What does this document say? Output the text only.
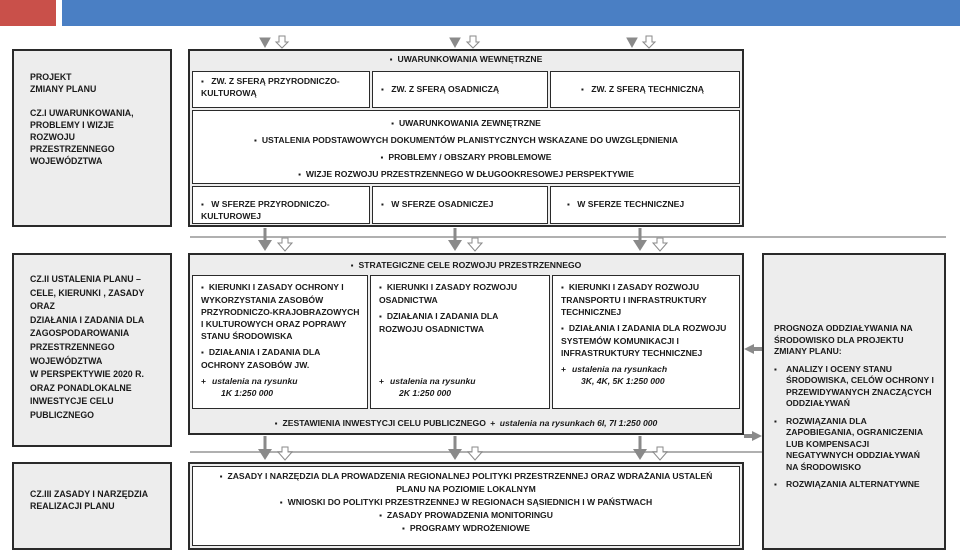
PROJEKT
ZMIANY PLANU
CZ.I UWARUNKOWANIA,
PROBLEMY I WIZJE ROZWOJU
PRZESTRZENNEGO
WOJEWÓDZTWA
CZ.II USTALENIA PLANU –
CELE, KIERUNKI , ZASADY ORAZ
DZIAŁANIA I ZADANIA DLA
ZAGOSPODAROWANIA
PRZESTRZENNEGO
WOJEWÓDZTWA
W PERSPEKTYWIE 2020 R.
ORAZ PONADLOKALNE
INWESTYCJE CELU PUBLICZNEGO
CZ.III ZASADY I NARZĘDZIA
REALIZACJI PLANU
▪ UWARUNKOWANIA WEWNĘTRZNE
▪ ZW. Z SFERĄ PRZYRODNICZO-KULTUROWĄ	▪ ZW. Z SFERĄ OSADNICZĄ	▪ ZW. Z SFERĄ TECHNICZNĄ
▪ UWARUNKOWANIA ZEWNĘTRZNE
▪ USTALENIA PODSTAWOWYCH DOKUMENTÓW PLANISTYCZNYCH WSKAZANE DO UWZGLĘDNIENIA
▪ PROBLEMY / OBSZARY PROBLEMOWE
▪ WIZJE ROZWOJU PRZESTRZENNEGO W DŁUGOOKRESOWEJ PERSPEKTYWIE
▪ W SFERZE PRZYRODNICZO-KULTUROWEJ
▪ W SFERZE OSADNICZEJ	▪ W SFERZE TECHNICZNEJ
▪ STRATEGICZNE CELE ROZWOJU PRZESTRZENNEGO
▪ KIERUNKI I ZASADY OCHRONY I WYKORZYSTANIA ZASOBÓW PRZYRODNICZO-KRAJOBRAZOWYCH I KULTUROWYCH ORAZ POPRAWY STANU ŚRODOWISKA
▪ DZIAŁANIA I ZADANIA DLA OCHRONY ZASOBÓW JW.
+ ustalenia na rysunku
1K 1:250 000
▪ KIERUNKI I ZASADY ROZWOJU OSADNICTWA
▪ DZIAŁANIA I ZADANIA DLA ROZWOJU OSADNICTWA
+ ustalenia na rysunku
2K 1:250 000
▪ KIERUNKI I ZASADY ROZWOJU TRANSPORTU I INFRASTRUKTURY TECHNICZNEJ
▪ DZIAŁANIA I ZADANIA DLA ROZWOJU SYSTEMÓW KOMUNIKACJI I INFRASTRUKTURY TECHNICZNEJ
+ ustalenia na rysunkach
3K, 4K, 5K 1:250 000
▪ ZESTAWIENIA INWESTYCJI CELU PUBLICZNEGO + ustalenia na rysunkach 6I, 7I 1:250 000
PROGNOZA ODDZIAŁYWANIA NA ŚRODOWISKO DLA PROJEKTU ZMIANY PLANU:
▪ ANALIZY I OCENY STANU ŚRODOWISKA, CELÓW OCHRONY I PRZEWIDYWANYCH ZNACZĄCYCH ODDZIAŁYWAŃ
▪ ROZWIĄZANIA DLA ZAPOBIEGANIA, OGRANICZENIA LUB KOMPENSACJI NEGATYWNYCH ODDZIAŁYWAŃ NA ŚRODOWISKO
▪ ROZWIĄZANIA ALTERNATYWNE
▪ ZASADY I NARZĘDZIA DLA PROWADZENIA REGIONALNEJ POLITYKI PRZESTRZENNEJ ORAZ WDRAŻANIA USTALEŃ PLANU NA POZIOMIE LOKALNYM
▪ WNIOSKI DO POLITYKI PRZESTRZENNEJ W REGIONACH SĄSIEDNICH I W PAŃSTWACH
▪ ZASADY PROWADZENIA MONITORINGU
▪ PROGRAMY WDROŻENIOWE
